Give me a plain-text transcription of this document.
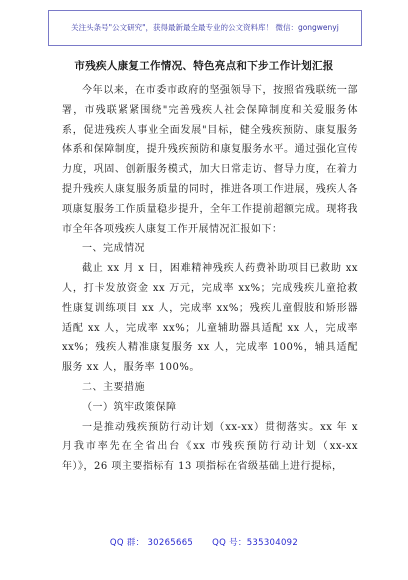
关注头条号"公文研究"，获得最新最全最专业的公文资料库！ 微信：gongwenyj
市残疾人康复工作情况、特色亮点和下步工作计划汇报

今年以来，在市委市政府的坚强领导下，按照省残联统一部署，市残联紧紧围绕"完善残疾人社会保障制度和关爱服务体系，促进残疾人事业全面发展"目标，健全残疾预防、康复服务体系和保障制度，提升残疾预防和康复服务水平。通过强化宣传力度，巩固、创新服务模式，加大日常走访、督导力度，在着力提升残疾人康复服务质量的同时，推进各项工作进展，残疾人各项康复服务工作质量稳步提升，全年工作提前超额完成。现将我市全年各项残疾人康复工作开展情况汇报如下：

一、完成情况

截止 xx 月 x 日，困难精神残疾人药费补助项目已救助 xx 人，打卡发放资金 xx 万元，完成率 xx%；完成残疾儿童抢救性康复训练项目 xx 人，完成率 xx%；残疾儿童假肢和矫形器适配 xx 人，完成率 xx%；儿童辅助器具适配 xx 人，完成率 xx%；残疾人精准康复服务 xx 人，完成率 100%，辅具适配服务 xx 人，服务率 100%。

二、主要措施

（一）筑牢政策保障

一是推动残疾预防行动计划（xx-xx）贯彻落实。xx 年 x 月我市率先在全省出台《xx 市残疾预防行动计划（xx-xx年）》，26 项主要指标有 13 项指标在省级基础上进行提标，

QQ 群： 30265665 QQ 号：535304092
